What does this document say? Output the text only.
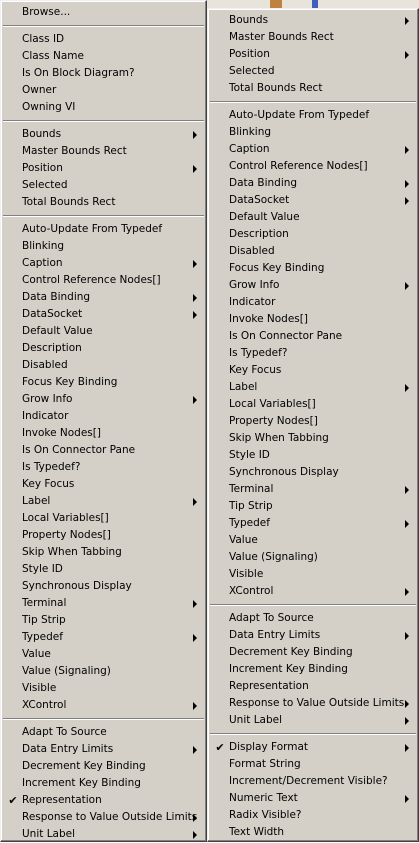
Browse...
Class ID
Class Name
Is On Block Diagram?
Owner
Owning VI
Bounds
Master Bounds Rect
Position
Selected
Total Bounds Rect
Auto-Update From Typedef
Blinking
Caption
Control Reference Nodes[]
Data Binding
DataSocket
Default Value
Description
Disabled
Focus Key Binding
Grow Info
Indicator
Invoke Nodes[]
Is On Connector Pane
Is Typedef?
Key Focus
Label
Local Variables[]
Property Nodes[]
Skip When Tabbing
Style ID
Synchronous Display
Terminal
Tip Strip
Typedef
Value
Value (Signaling)
Visible
XControl
Adapt To Source
Data Entry Limits
Decrement Key Binding
Increment Key Binding
✔ Representation
Response to Value Outside Limits
Unit Label
Bounds
Master Bounds Rect
Position
Selected
Total Bounds Rect
Auto-Update From Typedef
Blinking
Caption
Control Reference Nodes[]
Data Binding
DataSocket
Default Value
Description
Disabled
Focus Key Binding
Grow Info
Indicator
Invoke Nodes[]
Is On Connector Pane
Is Typedef?
Key Focus
Label
Local Variables[]
Property Nodes[]
Skip When Tabbing
Style ID
Synchronous Display
Terminal
Tip Strip
Typedef
Value
Value (Signaling)
Visible
XControl
Adapt To Source
Data Entry Limits
Decrement Key Binding
Increment Key Binding
Representation
Response to Value Outside Limits
Unit Label
✔ Display Format
Format String
Increment/Decrement Visible?
Numeric Text
Radix Visible?
Text Width
